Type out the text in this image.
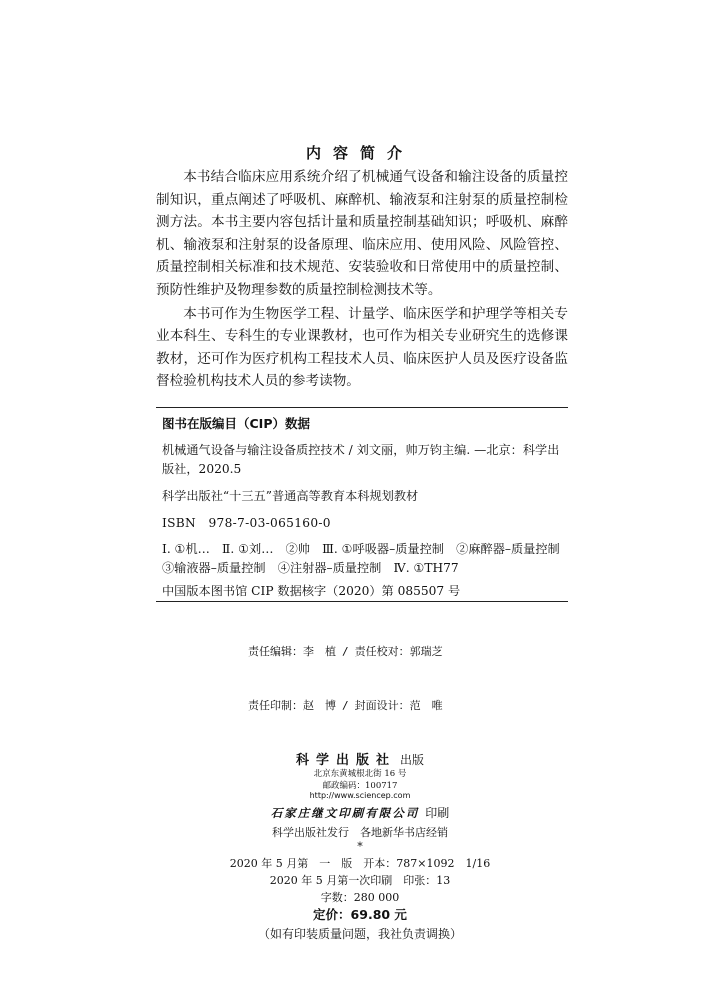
内容简介

本书结合临床应用系统介绍了机械通气设备和输注设备的质量控制知识，重点阐述了呼吸机、麻醉机、输液泵和注射泵的质量控制检测方法。本书主要内容包括计量和质量控制基础知识；呼吸机、麻醉机、输液泵和注射泵的设备原理、临床应用、使用风险、风险管控、质量控制相关标准和技术规范、安装验收和日常使用中的质量控制、预防性维护及物理参数的质量控制检测技术等。

本书可作为生物医学工程、计量学、临床医学和护理学等相关专业本科生、专科生的专业课教材，也可作为相关专业研究生的选修课教材，还可作为医疗机构工程技术人员、临床医护人员及医疗设备监督检验机构技术人员的参考读物。

图书在版编目（CIP）数据
机械通气设备与输注设备质控技术 / 刘文丽，帅万钧主编. —北京：科学出版社，2020.5
科学出版社“十三五”普通高等教育本科规划教材
ISBN　978-7-03-065160-0
Ⅰ. ①机…　Ⅱ. ①刘…　②帅　Ⅲ. ①呼吸器–质量控制　②麻醉器–质量控制　③输液器–质量控制　④注射器–质量控制　Ⅳ. ①TH77
中国版本图书馆 CIP 数据核字（2020）第 085507 号

责任编辑：李　植 / 责任校对：郭瑞芝

责任印制：赵　博 / 封面设计：范　唯

科学出版社 出版
北京东黄城根北街 16 号
邮政编码：100717
http://www.sciencep.com
石家庄继文印刷有限公司 印刷
科学出版社发行　各地新华书店经销
*
2020 年 5 月第　一　版　开本：787×1092　1/16
2020 年 5 月第一次印刷　印张：13
字数：280 000
定价：69.80 元
（如有印装质量问题，我社负责调换）
